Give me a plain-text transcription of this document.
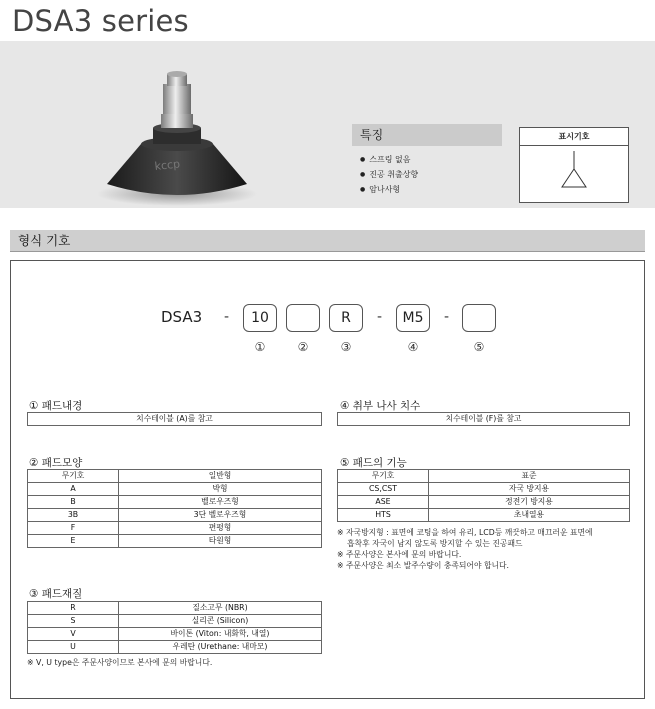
DSA3 series
kccp
특징
● 스프링 없음
● 진공 취출상향
● 암나사형
표시기호
형식 기호
DSA3 -	10	R	-	M5	-
①	②	③	④	⑤
① 패드내경
치수테이블 (A)를 참고
④ 취부 나사 치수
치수테이블 (F)를 참고
② 패드모양
무기호	일반형
A	박형
B	벨로우즈형
3B	3단 벨로우즈형
F	편평형
E	타원형
⑤ 패드의 기능
무기호	표준
CS,CST	자국 방지용
ASE	정전기 방지용
HTS	초내열용
※ 자국방지형 : 표면에 코팅을 하여 유리, LCD등 깨끗하고 매끄러운 표면에
흡착후 자국이 남지 않도록 방지할 수 있는 진공패드
※ 주문사양은 본사에 문의 바랍니다.
※ 주문사양은 최소 발주수량이 충족되어야 합니다.
③ 패드재질
R	질소고무 (NBR)
S	실리콘 (Silicon)
V	바이톤 (Viton: 내화학, 내열)
U	우레탄 (Urethane: 내마모)
※ V, U type은 주문사양이므로 본사에 문의 바랍니다.
